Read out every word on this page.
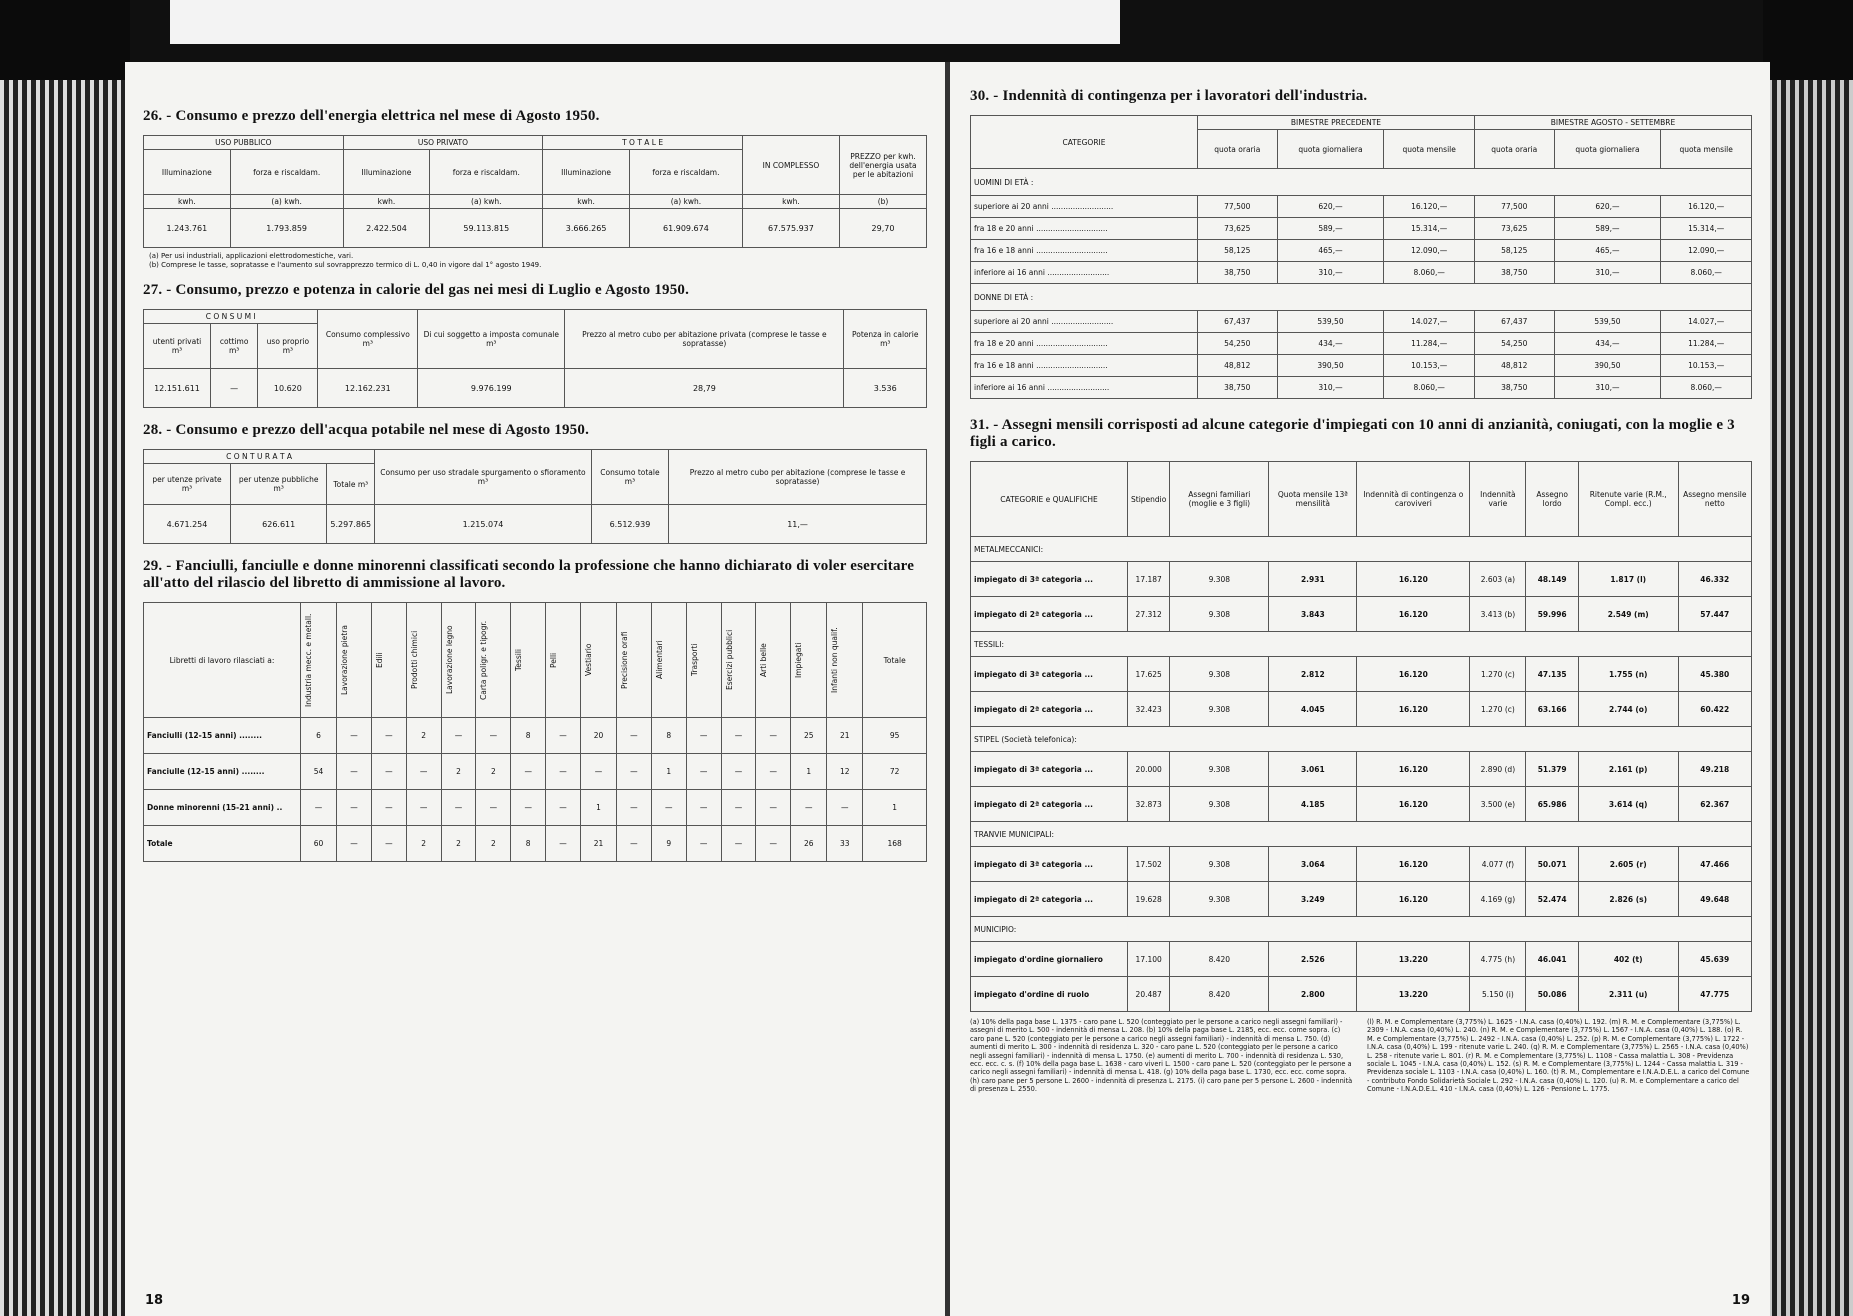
26. - Consumo e prezzo dell'energia elettrica nel mese di Agosto 1950.
USO PUBBLICO		USO PRIVATO		T O T A L E		IN COMPLESSO	PREZZO per kwh. dell'energia usata per le abitazioni
Illuminazione	forza e riscaldam.	Illuminazione	forza e riscaldam.	Illuminazione	forza e riscaldam.		
kwh.	(a) kwh.	kwh.	(a) kwh.	kwh.	(a) kwh.	kwh.	(b)
1.243.761	1.793.859	2.422.504	59.113.815	3.666.265	61.909.674	67.575.937	29,70
(a) Per usi industriali, applicazioni elettrodomestiche, vari.
(b) Comprese le tasse, sopratasse e l'aumento sul sovrapprezzo termico di L. 0,40 in vigore dal 1° agosto 1949.
27. - Consumo, prezzo e potenza in calorie del gas nei mesi di Luglio e Agosto 1950.
C O N S U M I			Consumo complessivo m³	Di cui soggetto a imposta comunale m³	Prezzo al metro cubo per abitazione privata (comprese le tasse e sopratasse)	Potenza in calorie m³
utenti privati m³	cottimo m³	uso proprio m³				
12.151.611	—	10.620	12.162.231	9.976.199	28,79	3.536
28. - Consumo e prezzo dell'acqua potabile nel mese di Agosto 1950.
C O N T U R A T A			Consumo per uso stradale spurgamento o sfioramento m³	Consumo totale m³	Prezzo al metro cubo per abitazione (comprese le tasse e sopratasse)
per utenze private m³	per utenze pubbliche m³	Totale m³			
4.671.254	626.611	5.297.865	1.215.074	6.512.939	11,—
29. - Fanciulli, fanciulle e donne minorenni classificati secondo la professione che hanno dichiarato di voler esercitare all'atto del rilascio del libretto di ammissione al lavoro.
Libretti di lavoro rilasciati a:	Industria mecc. e metall.	Lavorazione pietra	Edili	Prodotti chimici	Lavorazione legno	Carta poligr. e tipogr.	Tessili	Pelli	Vestiario	Precisione orafi	Alimentari	Trasporti	Esercizi pubblici	Arti belle	Impiegati	Infanti non qualif.	Totale
Fanciulli (12-15 anni) ........	6	—	—	2	—	—	8	—	20	—	8	—	—	—	25	21	95
Fanciulle (12-15 anni) ........	54	—	—	—	2	2	—	—	—	—	1	—	—	—	1	12	72
Donne minorenni (15-21 anni) ..	—	—	—	—	—	—	—	—	1	—	—	—	—	—	—	—	1
Totale	60	—	—	2	2	2	8	—	21	—	9	—	—	—	26	33	168
18
30. - Indennità di contingenza per i lavoratori dell'industria.
CATEGORIE	BIMESTRE PRECEDENTE			BIMESTRE AGOSTO - SETTEMBRE		
	quota oraria	quota giornaliera	quota mensile	quota oraria	quota giornaliera	quota mensile
UOMINI DI ETÀ :						
superiore ai 20 anni ..........................	77,500	620,—	16.120,—	77,500	620,—	16.120,—
fra 18 e 20 anni ..............................	73,625	589,—	15.314,—	73,625	589,—	15.314,—
fra 16 e 18 anni ..............................	58,125	465,—	12.090,—	58,125	465,—	12.090,—
inferiore ai 16 anni ..........................	38,750	310,—	8.060,—	38,750	310,—	8.060,—
DONNE DI ETÀ :						
superiore ai 20 anni ..........................	67,437	539,50	14.027,—	67,437	539,50	14.027,—
fra 18 e 20 anni ..............................	54,250	434,—	11.284,—	54,250	434,—	11.284,—
fra 16 e 18 anni ..............................	48,812	390,50	10.153,—	48,812	390,50	10.153,—
inferiore ai 16 anni ..........................	38,750	310,—	8.060,—	38,750	310,—	8.060,—
31. - Assegni mensili corrisposti ad alcune categorie d'impiegati con 10 anni di anzianità, coniugati, con la moglie e 3 figli a carico.
CATEGORIE e QUALIFICHE	Stipendio	Assegni familiari (moglie e 3 figli)	Quota mensile 13ª mensilità	Indennità di contingenza o caroviveri	Indennità varie	Assegno lordo	Ritenute varie (R.M., Compl. ecc.)	Assegno mensile netto
METALMECCANICI:								
impiegato di 3ª categoria ...	17.187	9.308	2.931	16.120	2.603 (a)	48.149	1.817 (l)	46.332
impiegato di 2ª categoria ...	27.312	9.308	3.843	16.120	3.413 (b)	59.996	2.549 (m)	57.447
TESSILI:								
impiegato di 3ª categoria ...	17.625	9.308	2.812	16.120	1.270 (c)	47.135	1.755 (n)	45.380
impiegato di 2ª categoria ...	32.423	9.308	4.045	16.120	1.270 (c)	63.166	2.744 (o)	60.422
STIPEL (Società telefonica):								
impiegato di 3ª categoria ...	20.000	9.308	3.061	16.120	2.890 (d)	51.379	2.161 (p)	49.218
impiegato di 2ª categoria ...	32.873	9.308	4.185	16.120	3.500 (e)	65.986	3.614 (q)	62.367
TRANVIE MUNICIPALI:								
impiegato di 3ª categoria ...	17.502	9.308	3.064	16.120	4.077 (f)	50.071	2.605 (r)	47.466
impiegato di 2ª categoria ...	19.628	9.308	3.249	16.120	4.169 (g)	52.474	2.826 (s)	49.648
MUNICIPIO:								
impiegato d'ordine giornaliero	17.100	8.420	2.526	13.220	4.775 (h)	46.041	402 (t)	45.639
impiegato d'ordine di ruolo	20.487	8.420	2.800	13.220	5.150 (i)	50.086	2.311 (u)	47.775
(a) 10% della paga base L. 1375 - caro pane L. 520 (conteggiato per le persone a carico negli assegni familiari) - assegni di merito L. 500 - indennità di mensa L. 208. (b) 10% della paga base L. 2185, ecc. ecc. come sopra. (c) caro pane L. 520 (conteggiato per le persone a carico negli assegni familiari) - indennità di mensa L. 750. (d) aumenti di merito L. 300 - indennità di residenza L. 320 - caro pane L. 520 (conteggiato per le persone a carico negli assegni familiari) - indennità di mensa L. 1750. (e) aumenti di merito L. 700 - indennità di residenza L. 530, ecc. ecc. c. s. (f) 10% della paga base L. 1638 - caro viveri L. 1500 - caro pane L. 520 (conteggiato per le persone a carico negli assegni familiari) - indennità di mensa L. 418. (g) 10% della paga base L. 1730, ecc. ecc. come sopra. (h) caro pane per 5 persone L. 2600 - indennità di presenza L. 2175. (i) caro pane per 5 persone L. 2600 - indennità di presenza L. 2550.
(l) R. M. e Complementare (3,775%) L. 1625 - I.N.A. casa (0,40%) L. 192. (m) R. M. e Complementare (3,775%) L. 2309 - I.N.A. casa (0,40%) L. 240. (n) R. M. e Complementare (3,775%) L. 1567 - I.N.A. casa (0,40%) L. 188. (o) R. M. e Complementare (3,775%) L. 2492 - I.N.A. casa (0,40%) L. 252. (p) R. M. e Complementare (3,775%) L. 1722 - I.N.A. casa (0,40%) L. 199 - ritenute varie L. 240. (q) R. M. e Complementare (3,775%) L. 2565 - I.N.A. casa (0,40%) L. 258 - ritenute varie L. 801. (r) R. M. e Complementare (3,775%) L. 1108 - Cassa malattia L. 308 - Previdenza sociale L. 1045 - I.N.A. casa (0,40%) L. 152. (s) R. M. e Complementare (3,775%) L. 1244 - Cassa malattia L. 319 - Previdenza sociale L. 1103 - I.N.A. casa (0,40%) L. 160. (t) R. M., Complementare e I.N.A.D.E.L. a carico del Comune - contributo Fondo Solidarietà Sociale L. 292 - I.N.A. casa (0,40%) L. 120. (u) R. M. e Complementare a carico del Comune - I.N.A.D.E.L. 410 - I.N.A. casa (0,40%) L. 126 - Pensione L. 1775.
19
